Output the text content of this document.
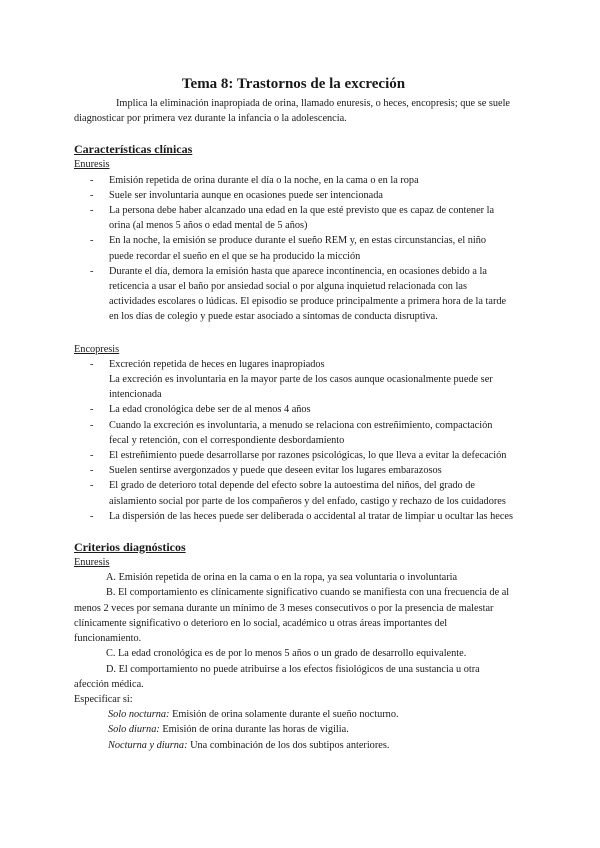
Tema 8: Trastornos de la excreción

Implica la eliminación inapropiada de orina, llamado enuresis, o heces, encopresis; que se suele diagnosticar por primera vez durante la infancia o la adolescencia.

Características clínicas
Enuresis
- Emisión repetida de orina durante el día o la noche, en la cama o en la ropa
- Suele ser involuntaria aunque en ocasiones puede ser intencionada
- La persona debe haber alcanzado una edad en la que esté previsto que es capaz de contener la orina (al menos 5 años o edad mental de 5 años)
- En la noche, la emisión se produce durante el sueño REM y, en estas circunstancias, el niño puede recordar el sueño en el que se ha producido la micción
- Durante el día, demora la emisión hasta que aparece incontinencia, en ocasiones debido a la reticencia a usar el baño por ansiedad social o por alguna inquietud relacionada con las actividades escolares o lúdicas. El episodio se produce principalmente a primera hora de la tarde en los días de colegio y puede estar asociado a síntomas de conducta disruptiva.
Encopresis
- Excreción repetida de heces en lugares inapropiados
La excreción es involuntaria en la mayor parte de los casos aunque ocasionalmente puede ser intencionada
- La edad cronológica debe ser de al menos 4 años
- Cuando la excreción es involuntaria, a menudo se relaciona con estreñimiento, compactación fecal y retención, con el correspondiente desbordamiento
- El estreñimiento puede desarrollarse por razones psicológicas, lo que lleva a evitar la defecación
- Suelen sentirse avergonzados y puede que deseen evitar los lugares embarazosos
- El grado de deterioro total depende del efecto sobre la autoestima del niños, del grado de aislamiento social por parte de los compañeros y del enfado, castigo y rechazo de los cuidadores
- La dispersión de las heces puede ser deliberada o accidental al tratar de limpiar u ocultar las heces
Criterios diagnósticos
Enuresis

A. Emisión repetida de orina en la cama o en la ropa, ya sea voluntaria o involuntaria

B. El comportamiento es clínicamente significativo cuando se manifiesta con una frecuencia de al menos 2 veces por semana durante un mínimo de 3 meses consecutivos o por la presencia de malestar clínicamente significativo o deterioro en lo social, académico u otras áreas importantes del funcionamiento.

C. La edad cronológica es de por lo menos 5 años o un grado de desarrollo equivalente.

D. El comportamiento no puede atribuirse a los efectos fisiológicos de una sustancia u otra afección médica.

Especificar si:

Solo nocturna: Emisión de orina solamente durante el sueño nocturno.

Solo diurna: Emisión de orina durante las horas de vigilia.

Nocturna y diurna: Una combinación de los dos subtipos anteriores.
